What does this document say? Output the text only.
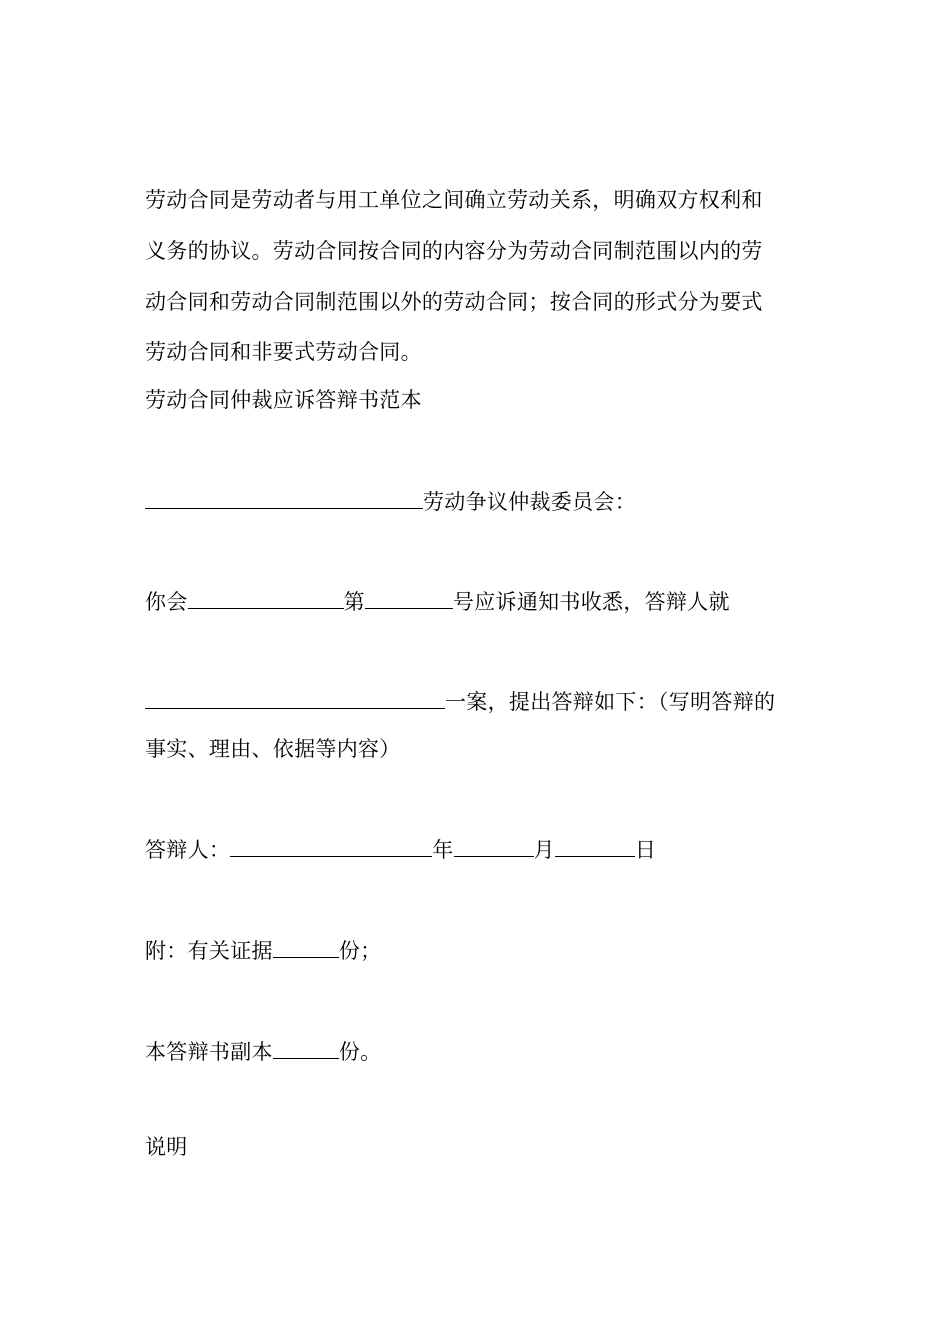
劳动合同是劳动者与用工单位之间确立劳动关系，明确双方权利和
义务的协议。劳动合同按合同的内容分为劳动合同制范围以内的劳
动合同和劳动合同制范围以外的劳动合同；按合同的形式分为要式
劳动合同和非要式劳动合同。
劳动合同仲裁应诉答辩书范本
劳动争议仲裁委员会：
你会	第	号应诉通知书收悉，答辩人就
一案，提出答辩如下：（写明答辩的
事实、理由、依据等内容）
答辩人：	年	月	日
附：有关证据	份；
本答辩书副本	份。
说明
